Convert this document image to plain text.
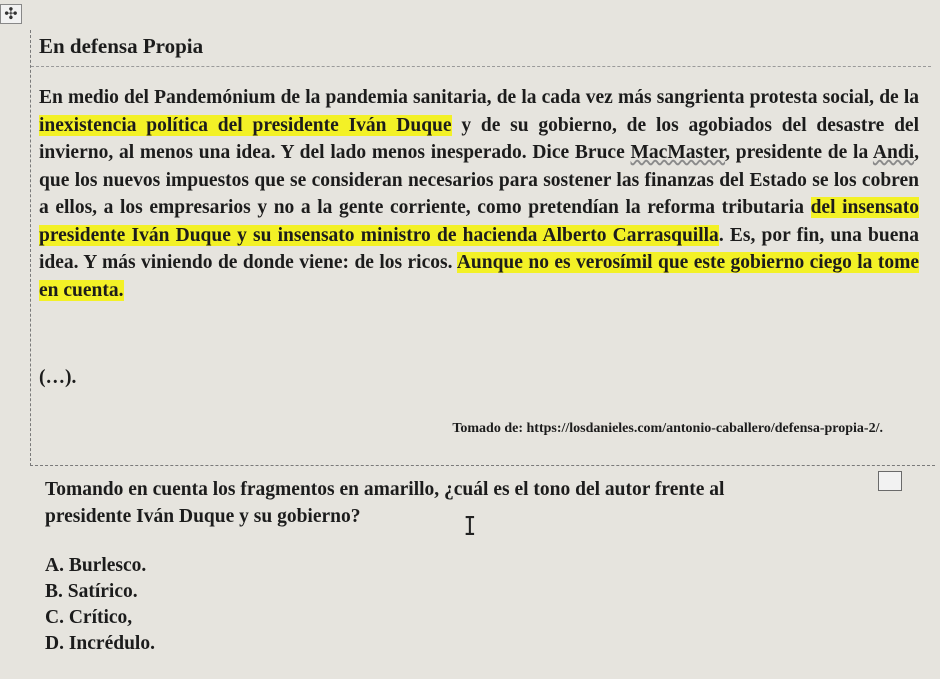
✣
En defensa Propia
En medio del Pandemónium de la pandemia sanitaria, de la cada vez más sangrienta protesta social, de la inexistencia política del presidente Iván Duque y de su gobierno, de los agobiados del desastre del invierno, al menos una idea. Y del lado menos inesperado. Dice Bruce MacMaster, presidente de la Andi, que los nuevos impuestos que se consideran necesarios para sostener las finanzas del Estado se los cobren a ellos, a los empresarios y no a la gente corriente, como pretendían la reforma tributaria del insensato presidente Iván Duque y su insensato ministro de hacienda Alberto Carrasquilla. Es, por fin, una buena idea. Y más viniendo de donde viene: de los ricos. Aunque no es verosímil que este gobierno ciego la tome en cuenta.
(…).
Tomado de: https://losdanieles.com/antonio-caballero/defensa-propia-2/.
Tomando en cuenta los fragmentos en amarillo, ¿cuál es el tono del autor frente al presidente Iván Duque y su gobierno?	I
A. Burlesco.
B. Satírico.
C. Crítico,
D. Incrédulo.
